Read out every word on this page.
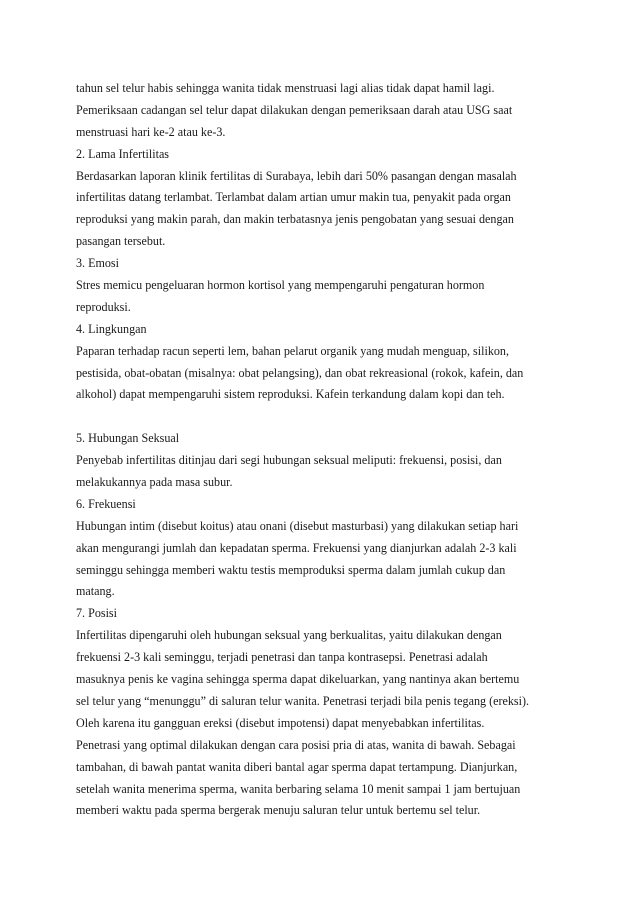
tahun sel telur habis sehingga wanita tidak menstruasi lagi alias tidak dapat hamil lagi.
Pemeriksaan cadangan sel telur dapat dilakukan dengan pemeriksaan darah atau USG saat
menstruasi hari ke-2 atau ke-3.
2. Lama Infertilitas
Berdasarkan laporan klinik fertilitas di Surabaya, lebih dari 50% pasangan dengan masalah
infertilitas datang terlambat. Terlambat dalam artian umur makin tua, penyakit pada organ
reproduksi yang makin parah, dan makin terbatasnya jenis pengobatan yang sesuai dengan
pasangan tersebut.
3. Emosi
Stres memicu pengeluaran hormon kortisol yang mempengaruhi pengaturan hormon
reproduksi.
4. Lingkungan
Paparan terhadap racun seperti lem, bahan pelarut organik yang mudah menguap, silikon,
pestisida, obat-obatan (misalnya: obat pelangsing), dan obat rekreasional (rokok, kafein, dan
alkohol) dapat mempengaruhi sistem reproduksi. Kafein terkandung dalam kopi dan teh.
5. Hubungan Seksual
Penyebab infertilitas ditinjau dari segi hubungan seksual meliputi: frekuensi, posisi, dan
melakukannya pada masa subur.
6. Frekuensi
Hubungan intim (disebut koitus) atau onani (disebut masturbasi) yang dilakukan setiap hari
akan mengurangi jumlah dan kepadatan sperma. Frekuensi yang dianjurkan adalah 2-3 kali
seminggu sehingga memberi waktu testis memproduksi sperma dalam jumlah cukup dan
matang.
7. Posisi
Infertilitas dipengaruhi oleh hubungan seksual yang berkualitas, yaitu dilakukan dengan
frekuensi 2-3 kali seminggu, terjadi penetrasi dan tanpa kontrasepsi. Penetrasi adalah
masuknya penis ke vagina sehingga sperma dapat dikeluarkan, yang nantinya akan bertemu
sel telur yang “menunggu” di saluran telur wanita. Penetrasi terjadi bila penis tegang (ereksi).
Oleh karena itu gangguan ereksi (disebut impotensi) dapat menyebabkan infertilitas.
Penetrasi yang optimal dilakukan dengan cara posisi pria di atas, wanita di bawah. Sebagai
tambahan, di bawah pantat wanita diberi bantal agar sperma dapat tertampung. Dianjurkan,
setelah wanita menerima sperma, wanita berbaring selama 10 menit sampai 1 jam bertujuan
memberi waktu pada sperma bergerak menuju saluran telur untuk bertemu sel telur.
